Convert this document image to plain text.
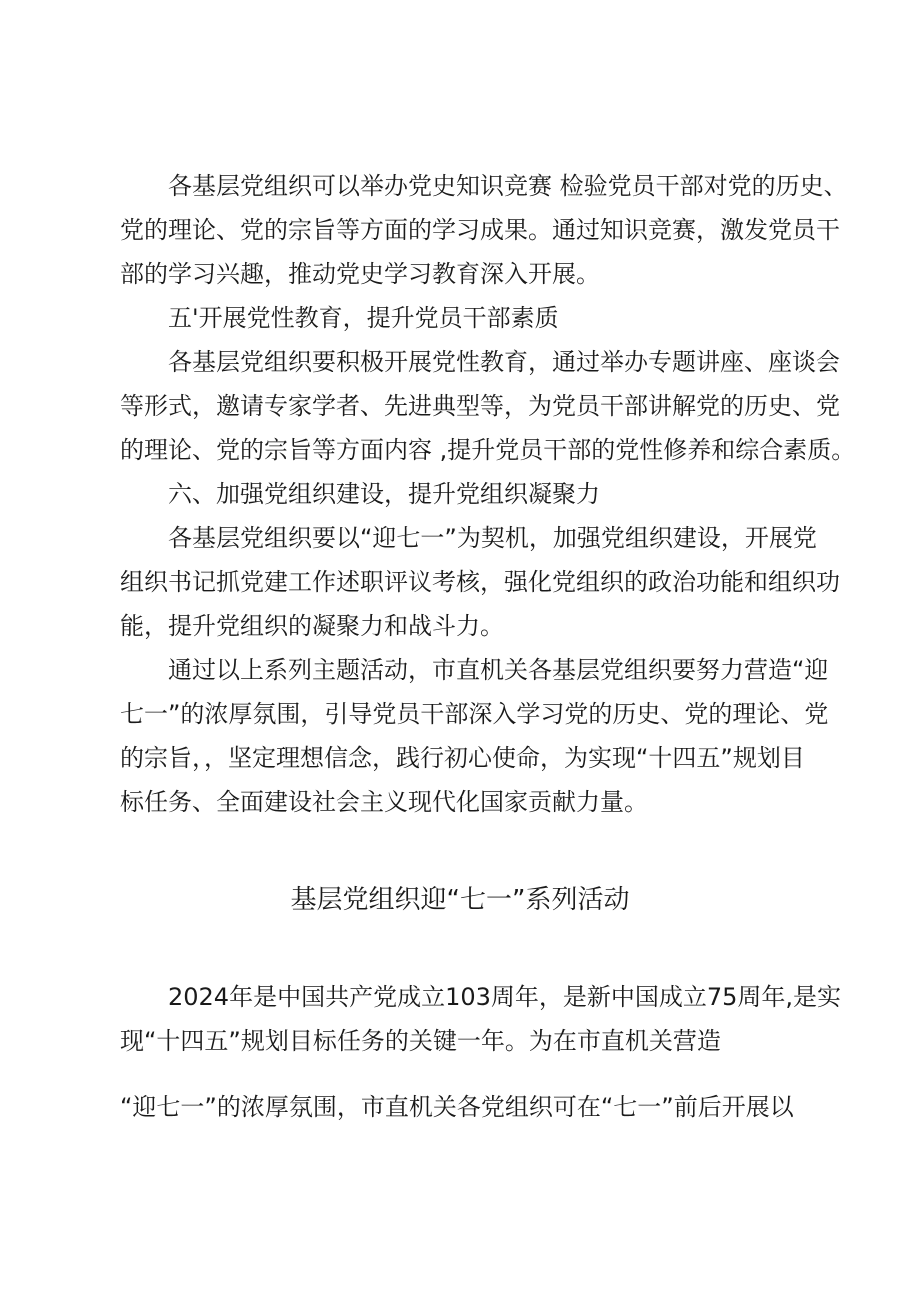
各基层党组织可以举办党史知识竞赛 检验党员干部对党的历史、
党的理论、党的宗旨等方面的学习成果。通过知识竞赛，激发党员干
部的学习兴趣，推动党史学习教育深入开展。
五'开展党性教育，提升党员干部素质
各基层党组织要积极开展党性教育，通过举办专题讲座、座谈会
等形式，邀请专家学者、先进典型等，为党员干部讲解党的历史、党
的理论、党的宗旨等方面内容 ,提升党员干部的党性修养和综合素质。
六、加强党组织建设，提升党组织凝聚力
各基层党组织要以“迎七一”为契机，加强党组织建设，开展党
组织书记抓党建工作述职评议考核，强化党组织的政治功能和组织功
能，提升党组织的凝聚力和战斗力。
通过以上系列主题活动，市直机关各基层党组织要努力营造“迎
七一”的浓厚氛围，引导党员干部深入学习党的历史、党的理论、党
的宗旨，，坚定理想信念，践行初心使命，为实现“十四五”规划目
标任务、全面建设社会主义现代化国家贡献力量。
基层党组织迎“七一”系列活动
2024年是中国共产党成立103周年，是新中国成立75周年,是实
现“十四五”规划目标任务的关键一年。为在市直机关营造
“迎七一”的浓厚氛围，市直机关各党组织可在“七一”前后开展以
